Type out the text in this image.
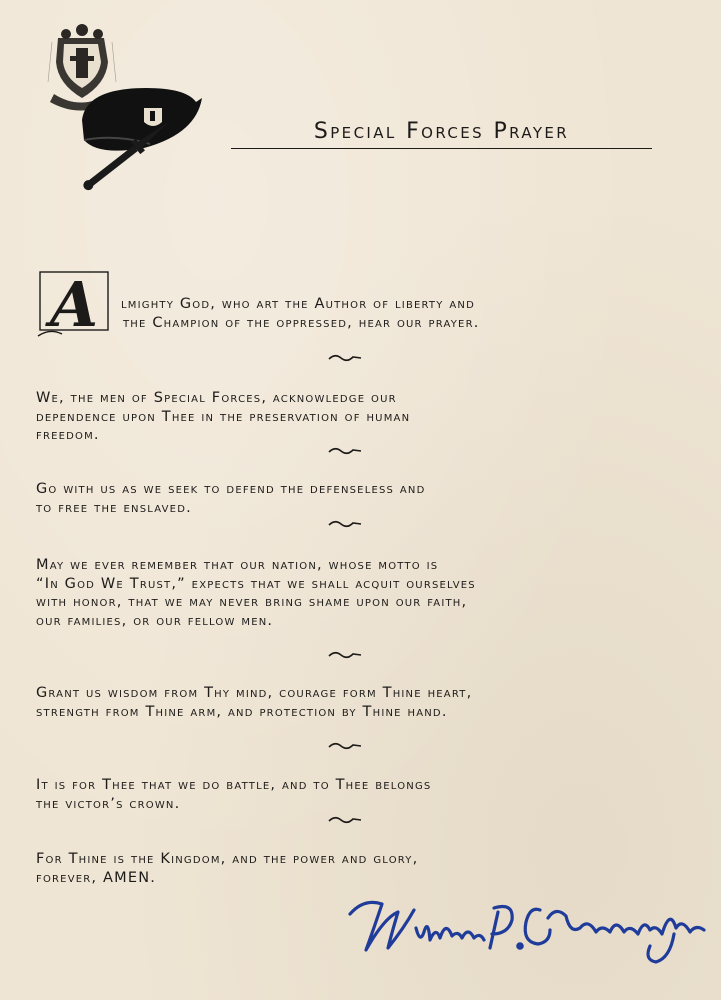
Special Forces Prayer
A lmighty God, who art the Author of liberty and
the Champion of the oppressed, hear our prayer.
We, the men of Special Forces, acknowledge our
dependence upon Thee in the preservation of human
freedom.
Go with us as we seek to defend the defenseless and
to free the enslaved.
May we ever remember that our nation, whose motto is
“In God We Trust,” expects that we shall acquit ourselves
with honor, that we may never bring shame upon our faith,
our families, or our fellow men.
Grant us wisdom from Thy mind, courage form Thine heart,
strength from Thine arm, and protection by Thine hand.
It is for Thee that we do battle, and to Thee belongs
the victor’s crown.
For Thine is the Kingdom, and the power and glory,
forever, AMEN.
